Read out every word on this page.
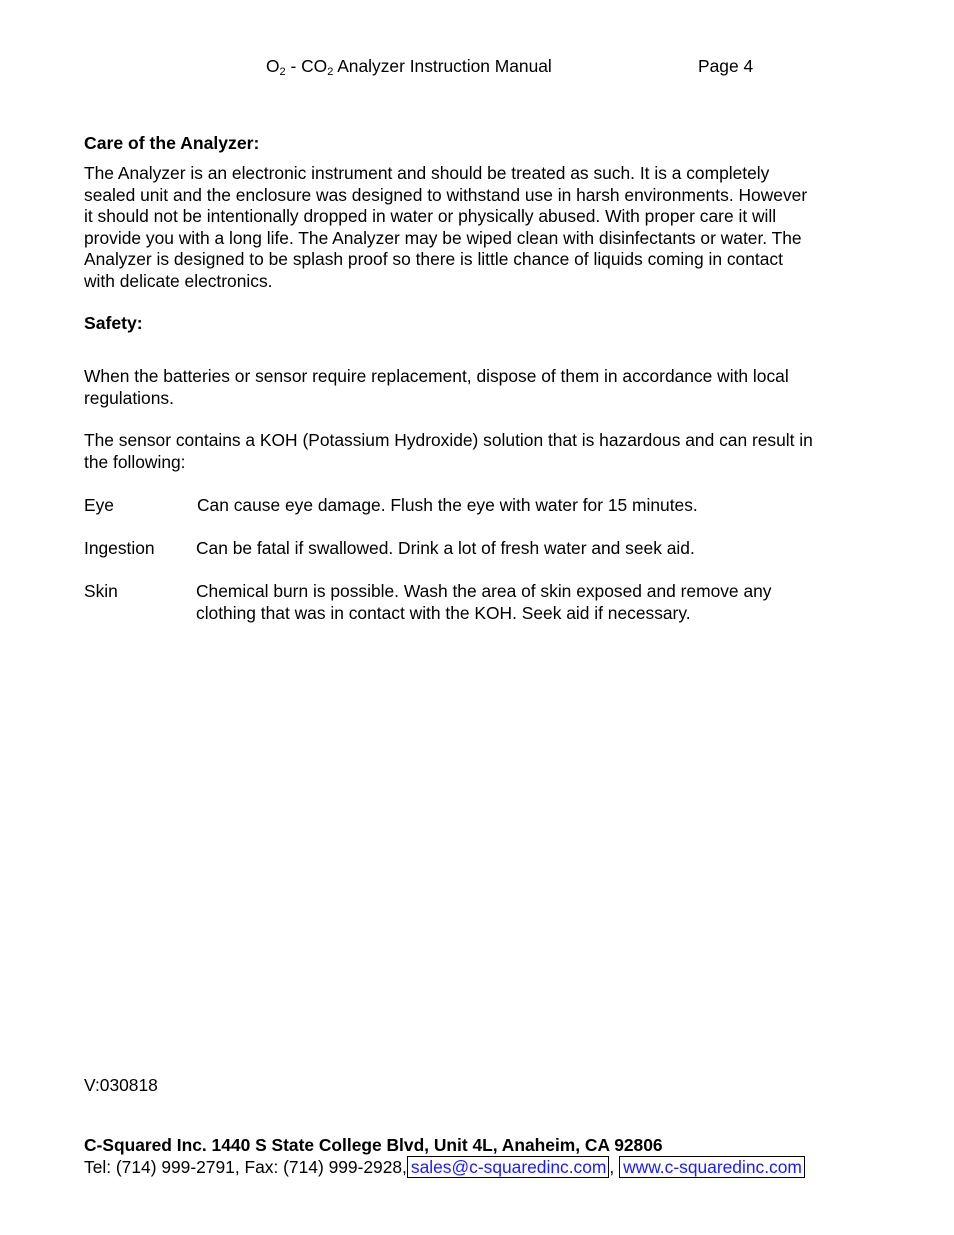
$O_2 - CO_2$ Analyzer Instruction Manual	Page 4
Care of the Analyzer:
The Analyzer is an electronic instrument and should be treated as such. It is a completely
sealed unit and the enclosure was designed to withstand use in harsh environments. However
it should not be intentionally dropped in water or physically abused. With proper care it will
provide you with a long life. The Analyzer may be wiped clean with disinfectants or water. The
Analyzer is designed to be splash proof so there is little chance of liquids coming in contact
with delicate electronics.
Safety:
When the batteries or sensor require replacement, dispose of them in accordance with local
regulations.
The sensor contains a KOH (Potassium Hydroxide) solution that is hazardous and can result in
the following:
Eye	Can cause eye damage. Flush the eye with water for 15 minutes.
Ingestion Can be fatal if swallowed. Drink a lot of fresh water and seek aid.
Skin	Chemical burn is possible. Wash the area of skin exposed and remove any
clothing that was in contact with the KOH. Seek aid if necessary.
V:030818
C-Squared Inc. 1440 S State College Blvd, Unit 4L, Anaheim, CA 92806
Tel: (714) 999-2791, Fax: (714) 999-2928, sales@c-squaredinc.com , www.c-squaredinc.com
